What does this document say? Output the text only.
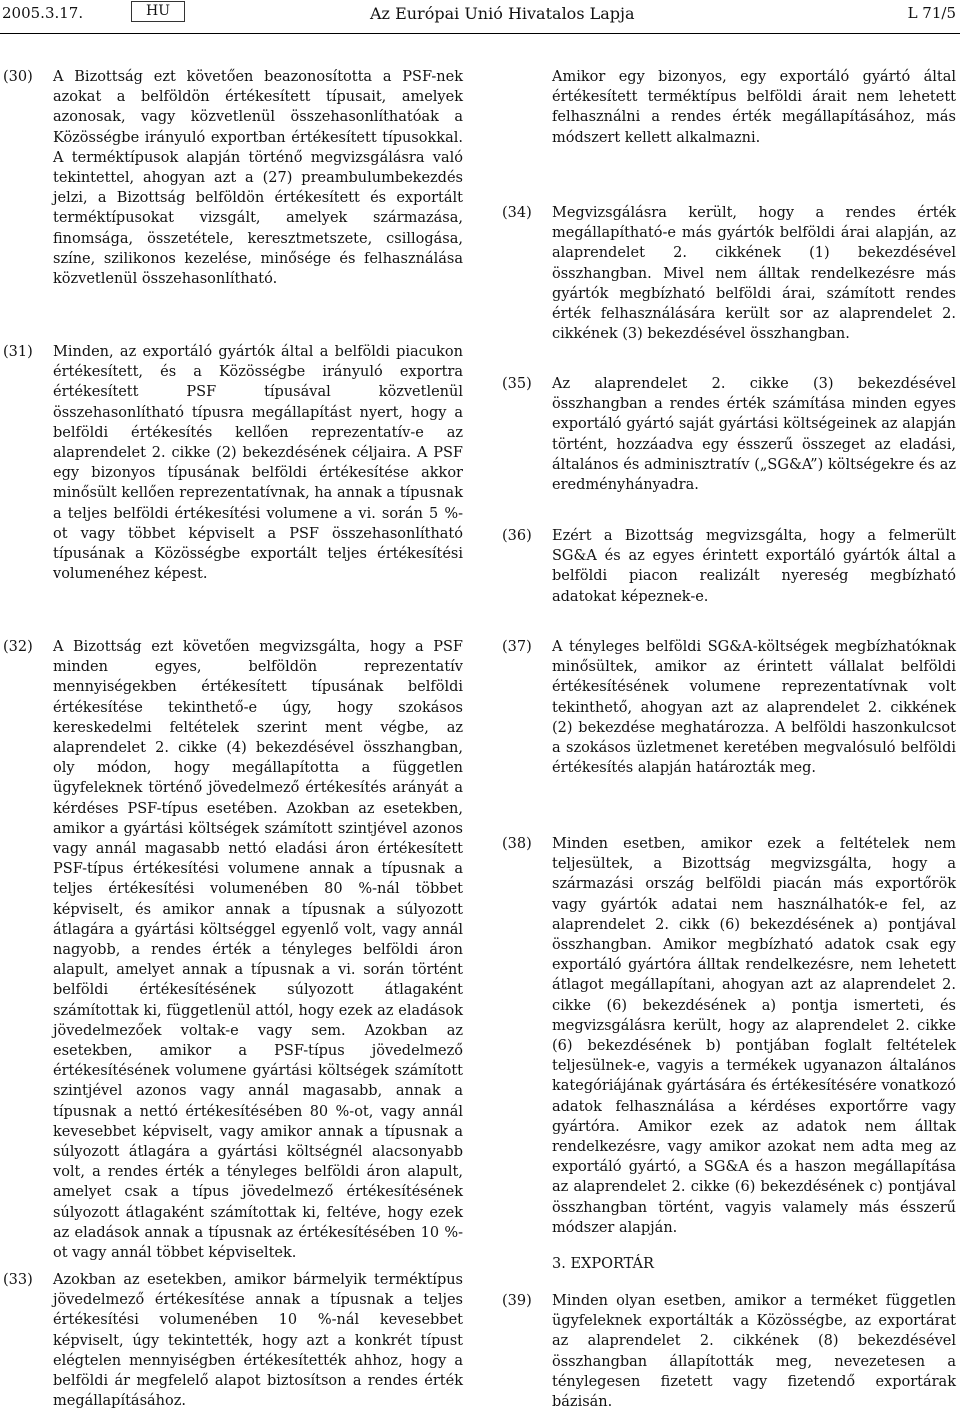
2005.3.17.	HU	Az Európai Unió Hivatalos Lapja	L 71/5
(30) A Bizottság ezt követően beazonosította a PSF-nek azokat a belföldön értékesített típusait, amelyek azonosak, vagy közvetlenül összehasonlíthatóak a Közösségbe irányuló exportban értékesített típusokkal. A terméktípusok alapján történő megvizsgálásra való tekintettel, ahogyan azt a (27) preambulumbekezdés jelzi, a Bizottság belföldön értékesített és exportált terméktípusokat vizsgált, amelyek származása, finomsága, összetétele, keresztmetszete, csillogása, színe, szilikonos kezelése, minősége és felhasználása közvetlenül összehasonlítható.
(31) Minden, az exportáló gyártók által a belföldi piacukon értékesített, és a Közösségbe irányuló exportra értékesített PSF típusával közvetlenül összehasonlítható típusra megállapítást nyert, hogy a belföldi értékesítés kellően reprezentatív-e az alaprendelet 2. cikke (2) bekezdésének céljaira. A PSF egy bizonyos típusának belföldi értékesítése akkor minősült kellően reprezentatívnak, ha annak a típusnak a teljes belföldi értékesítési volumene a vi. során 5 %-ot vagy többet képviselt a PSF összehasonlítható típusának a Közösségbe exportált teljes értékesítési volumenéhez képest.
(32) A Bizottság ezt követően megvizsgálta, hogy a PSF minden egyes, belföldön reprezentatív mennyiségekben értékesített típusának belföldi értékesítése tekinthető-e úgy, hogy szokásos kereskedelmi feltételek szerint ment végbe, az alaprendelet 2. cikke (4) bekezdésével összhangban, oly módon, hogy megállapította a független ügyfeleknek történő jövedelmező értékesítés arányát a kérdéses PSF-típus esetében. Azokban az esetekben, amikor a gyártási költségek számított szintjével azonos vagy annál magasabb nettó eladási áron értékesített PSF-típus értékesítési volumene annak a típusnak a teljes értékesítési volumenében 80 %-nál többet képviselt, és amikor annak a típusnak a súlyozott átlagára a gyártási költséggel egyenlő volt, vagy annál nagyobb, a rendes érték a tényleges belföldi áron alapult, amelyet annak a típusnak a vi. során történt belföldi értékesítésének súlyozott átlagaként számítottak ki, függetlenül attól, hogy ezek az eladások jövedelmezőek voltak-e vagy sem. Azokban az esetekben, amikor a PSF-típus jövedelmező értékesítésének volumene gyártási költségek számított szintjével azonos vagy annál magasabb, annak a típusnak a nettó értékesítésében 80 %-ot, vagy annál kevesebbet képviselt, vagy amikor annak a típusnak a súlyozott átlagára a gyártási költségnél alacsonyabb volt, a rendes érték a tényleges belföldi áron alapult, amelyet csak a típus jövedelmező értékesítésének súlyozott átlagaként számítottak ki, feltéve, hogy ezek az eladások annak a típusnak az értékesítésében 10 %-ot vagy annál többet képviseltek.
(33) Azokban az esetekben, amikor bármelyik terméktípus jövedelmező értékesítése annak a típusnak a teljes értékesítési volumenében 10 %-nál kevesebbet képviselt, úgy tekintették, hogy azt a konkrét típust elégtelen mennyiségben értékesítették ahhoz, hogy a belföldi ár megfelelő alapot biztosítson a rendes érték megállapításához.
Amikor egy bizonyos, egy exportáló gyártó által értékesített terméktípus belföldi árait nem lehetett felhasználni a rendes érték megállapításához, más módszert kellett alkalmazni.
(34) Megvizsgálásra került, hogy a rendes érték megállapítható-e más gyártók belföldi árai alapján, az alaprendelet 2. cikkének (1) bekezdésével összhangban. Mivel nem álltak rendelkezésre más gyártók megbízható belföldi árai, számított rendes érték felhasználására került sor az alaprendelet 2. cikkének (3) bekezdésével összhangban.
(35) Az alaprendelet 2. cikke (3) bekezdésével összhangban a rendes érték számítása minden egyes exportáló gyártó saját gyártási költségeinek az alapján történt, hozzáadva egy ésszerű összeget az eladási, általános és adminisztratív („SG&A”) költségekre és az eredményhányadra.
(36) Ezért a Bizottság megvizsgálta, hogy a felmerült SG&A és az egyes érintett exportáló gyártók által a belföldi piacon realizált nyereség megbízható adatokat képeznek-e.
(37) A tényleges belföldi SG&A-költségek megbízhatóknak minősültek, amikor az érintett vállalat belföldi értékesítésének volumene reprezentatívnak volt tekinthető, ahogyan azt az alaprendelet 2. cikkének (2) bekezdése meghatározza. A belföldi haszonkulcsot a szokásos üzletmenet keretében megvalósuló belföldi értékesítés alapján határozták meg.
(38) Minden esetben, amikor ezek a feltételek nem teljesültek, a Bizottság megvizsgálta, hogy a származási ország belföldi piacán más exportőrök vagy gyártók adatai nem használhatók-e fel, az alaprendelet 2. cikk (6) bekezdésének a) pontjával összhangban. Amikor megbízható adatok csak egy exportáló gyártóra álltak rendelkezésre, nem lehetett átlagot megállapítani, ahogyan azt az alaprendelet 2. cikke (6) bekezdésének a) pontja ismerteti, és megvizsgálásra került, hogy az alaprendelet 2. cikke (6) bekezdésének b) pontjában foglalt feltételek teljesülnek-e, vagyis a termékek ugyanazon általános kategóriájának gyártására és értékesítésére vonatkozó adatok felhasználása a kérdéses exportőrre vagy gyártóra. Amikor ezek az adatok nem álltak rendelkezésre, vagy amikor azokat nem adta meg az exportáló gyártó, a SG&A és a haszon megállapítása az alaprendelet 2. cikke (6) bekezdésének c) pontjával összhangban történt, vagyis valamely más ésszerű módszer alapján.
3. EXPORTÁR
(39) Minden olyan esetben, amikor a terméket független ügyfeleknek exportálták a Közösségbe, az exportárat az alaprendelet 2. cikkének (8) bekezdésével összhangban állapították meg, nevezetesen a ténylegesen fizetett vagy fizetendő exportárak bázisán.
